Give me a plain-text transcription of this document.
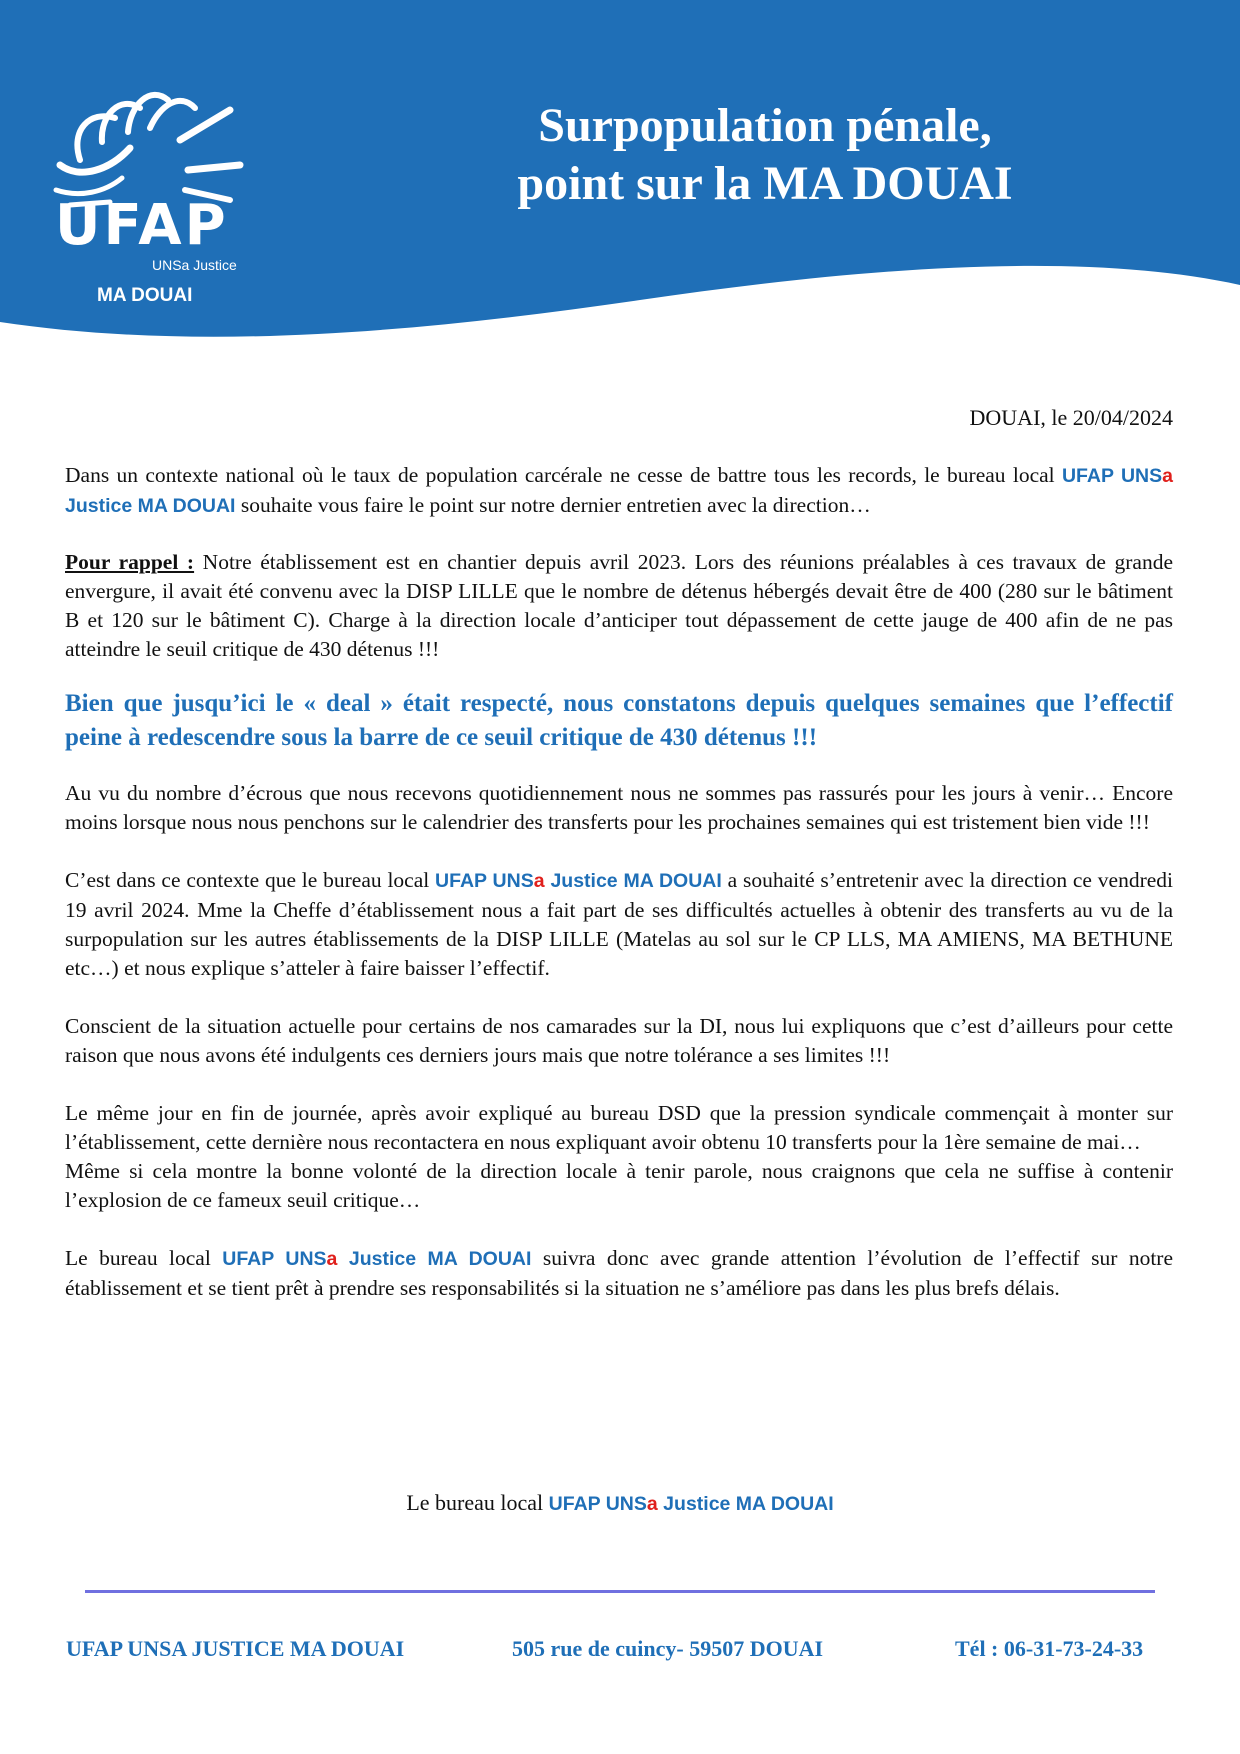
UFAP
UNSa Justice
MA DOUAI
Surpopulation pénale,
point sur la MA DOUAI
DOUAI, le 20/04/2024

Dans un contexte national où le taux de population carcérale ne cesse de battre tous les records, le bureau local UFAP UNSa Justice MA DOUAI souhaite vous faire le point sur notre dernier entretien avec la direction…

Pour rappel : Notre établissement est en chantier depuis avril 2023. Lors des réunions préalables à ces travaux de grande envergure, il avait été convenu avec la DISP LILLE que le nombre de détenus hébergés devait être de 400 (280 sur le bâtiment B et 120 sur le bâtiment C). Charge à la direction locale d’anticiper tout dépassement de cette jauge de 400 afin de ne pas atteindre le seuil critique de 430 détenus !!!

Bien que jusqu’ici le « deal » était respecté, nous constatons depuis quelques semaines que l’effectif peine à redescendre sous la barre de ce seuil critique de 430 détenus !!!

Au vu du nombre d’écrous que nous recevons quotidiennement nous ne sommes pas rassurés pour les jours à venir… Encore moins lorsque nous nous penchons sur le calendrier des transferts pour les prochaines semaines qui est tristement bien vide !!!

C’est dans ce contexte que le bureau local UFAP UNSa Justice MA DOUAI a souhaité s’entretenir avec la direction ce vendredi 19 avril 2024. Mme la Cheffe d’établissement nous a fait part de ses difficultés actuelles à obtenir des transferts au vu de la surpopulation sur les autres établissements de la DISP LILLE (Matelas au sol sur le CP LLS, MA AMIENS, MA BETHUNE etc…) et nous explique s’atteler à faire baisser l’effectif.

Conscient de la situation actuelle pour certains de nos camarades sur la DI, nous lui expliquons que c’est d’ailleurs pour cette raison que nous avons été indulgents ces derniers jours mais que notre tolérance a ses limites !!!

Le même jour en fin de journée, après avoir expliqué au bureau DSD que la pression syndicale commençait à monter sur l’établissement, cette dernière nous recontactera en nous expliquant avoir obtenu 10 transferts pour la 1ère semaine de mai…

Même si cela montre la bonne volonté de la direction locale à tenir parole, nous craignons que cela ne suffise à contenir l’explosion de ce fameux seuil critique…

Le bureau local UFAP UNSa Justice MA DOUAI suivra donc avec grande attention l’évolution de l’effectif sur notre établissement et se tient prêt à prendre ses responsabilités si la situation ne s’améliore pas dans les plus brefs délais.

Le bureau local UFAP UNSa Justice MA DOUAI
UFAP UNSA JUSTICE MA DOUAI	505 rue de cuincy- 59507 DOUAI	Tél : 06-31-73-24-33
